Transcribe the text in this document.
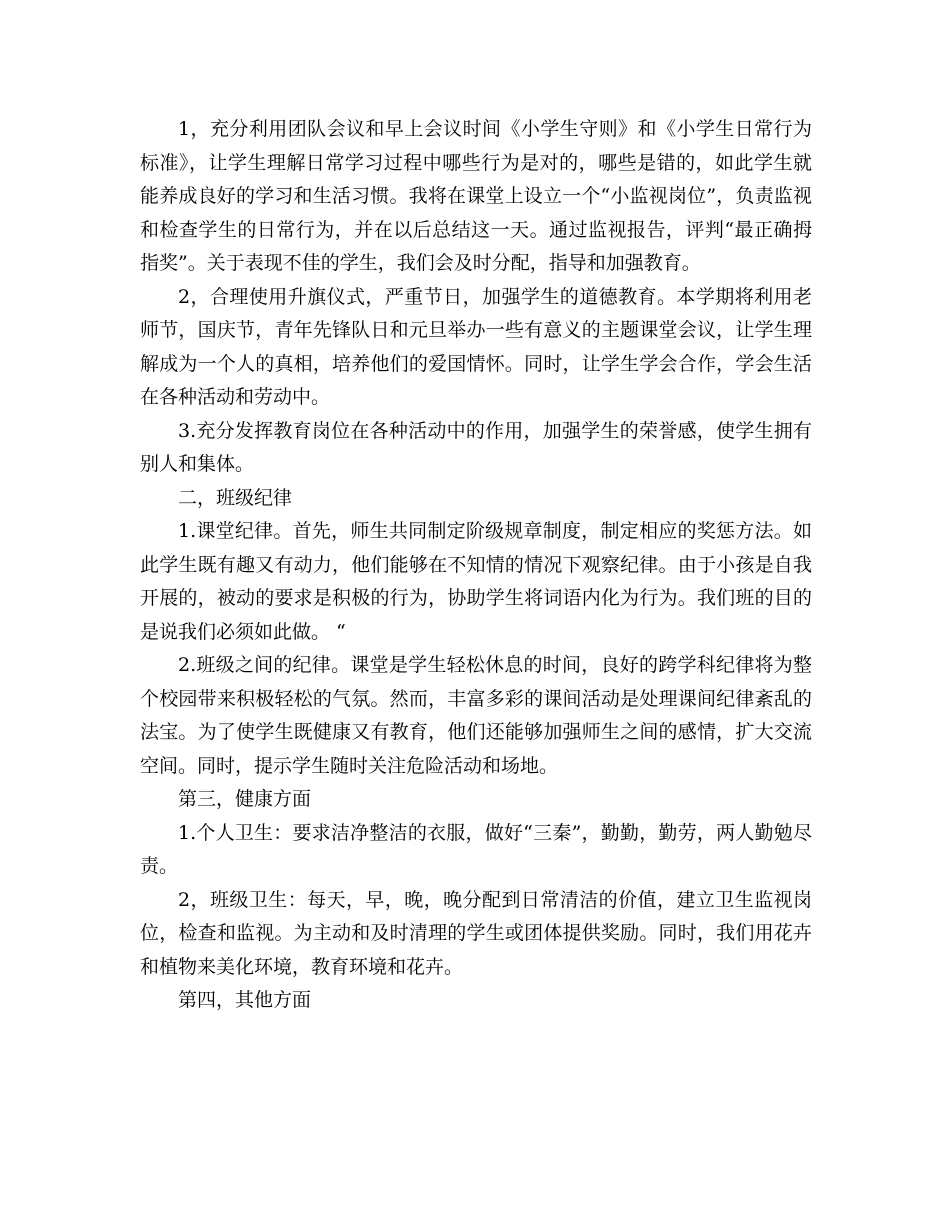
1，充分利用团队会议和早上会议时间《小学生守则》和《小学生日常行为标准》，让学生理解日常学习过程中哪些行为是对的，哪些是错的，如此学生就能养成良好的学习和生活习惯。我将在课堂上设立一个“小监视岗位”，负责监视和检查学生的日常行为，并在以后总结这一天。通过监视报告，评判“最正确拇指奖”。关于表现不佳的学生，我们会及时分配，指导和加强教育。

2，合理使用升旗仪式，严重节日，加强学生的道德教育。本学期将利用老师节，国庆节，青年先锋队日和元旦举办一些有意义的主题课堂会议，让学生理解成为一个人的真相，培养他们的爱国情怀。同时，让学生学会合作，学会生活在各种活动和劳动中。

3.充分发挥教育岗位在各种活动中的作用，加强学生的荣誉感，使学生拥有别人和集体。

二，班级纪律

1.课堂纪律。首先，师生共同制定阶级规章制度，制定相应的奖惩方法。如此学生既有趣又有动力，他们能够在不知情的情况下观察纪律。由于小孩是自我开展的，被动的要求是积极的行为，协助学生将词语内化为行为。我们班的目的是说我们必须如此做。 “

2.班级之间的纪律。课堂是学生轻松休息的时间，良好的跨学科纪律将为整个校园带来积极轻松的气氛。然而，丰富多彩的课间活动是处理课间纪律紊乱的法宝。为了使学生既健康又有教育，他们还能够加强师生之间的感情，扩大交流空间。同时，提示学生随时关注危险活动和场地。

第三，健康方面

1.个人卫生：要求洁净整洁的衣服，做好“三秦”，勤勤，勤劳，两人勤勉尽责。

2，班级卫生：每天，早，晚，晚分配到日常清洁的价值，建立卫生监视岗位，检查和监视。为主动和及时清理的学生或团体提供奖励。同时，我们用花卉和植物来美化环境，教育环境和花卉。

第四，其他方面
